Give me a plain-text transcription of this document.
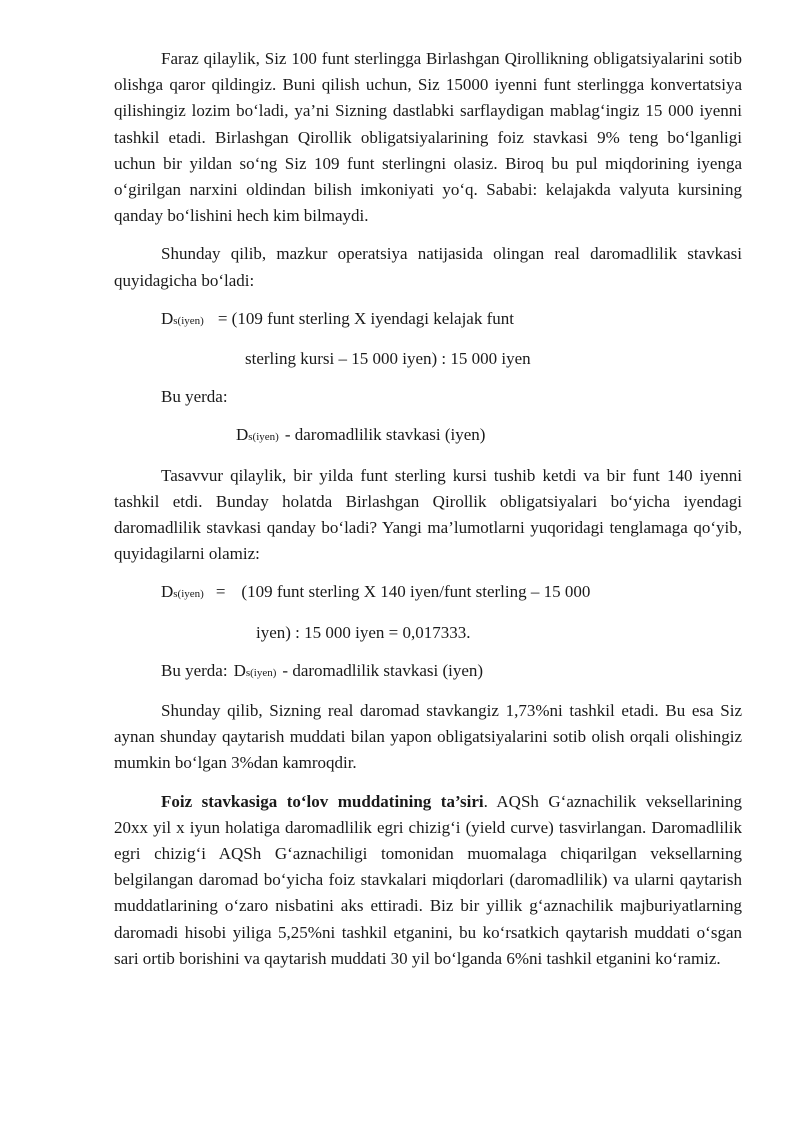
Faraz qilaylik, Siz 100 funt sterlingga Birlashgan Qirollikning obligatsiyalarini sotib olishga qaror qildingiz. Buni qilish uchun, Siz 15000 iyenni funt sterlingga konvertatsiya qilishingiz lozim bo‘ladi, ya’ni Sizning dastlabki sarflaydigan mablag‘ingiz 15 000 iyenni tashkil etadi. Birlashgan Qirollik obligatsiyalarining foiz stavkasi 9% teng bo‘lganligi uchun bir yildan so‘ng Siz 109 funt sterlingni olasiz. Biroq bu pul miqdorining iyenga o‘girilgan narxini oldindan bilish imkoniyati yo‘q. Sababi: kelajakda valyuta kursining qanday bo‘lishini hech kim bilmaydi.

Shunday qilib, mazkur operatsiya natijasida olingan real daromadlilik stavkasi quyidagicha bo‘ladi:

Ds(iyen) = (109 funt sterling X iyendagi kelajak funt
sterling kursi – 15 000 iyen) : 15 000 iyen
Bu yerda:
Ds(iyen) - daromadlilik stavkasi (iyen)

Tasavvur qilaylik, bir yilda funt sterling kursi tushib ketdi va bir funt 140 iyenni tashkil etdi. Bunday holatda Birlashgan Qirollik obligatsiyalari bo‘yicha iyendagi daromadlilik stavkasi qanday bo‘ladi? Yangi ma’lumotlarni yuqoridagi tenglamaga qo‘yib, quyidagilarni olamiz:

Ds(iyen) = (109 funt sterling X 140 iyen/funt sterling – 15 000
iyen) : 15 000 iyen = 0,017333.
Bu yerda: Ds(iyen) - daromadlilik stavkasi (iyen)

Shunday qilib, Sizning real daromad stavkangiz 1,73%ni tashkil etadi. Bu esa Siz aynan shunday qaytarish muddati bilan yapon obligatsiyalarini sotib olish orqali olishingiz mumkin bo‘lgan 3%dan kamroqdir.

Foiz stavkasiga to‘lov muddatining ta’siri. AQSh G‘aznachilik veksellarining 20xx yil x iyun holatiga daromadlilik egri chizig‘i (yield curve) tasvirlangan. Daromadlilik egri chizig‘i AQSh G‘aznachiligi tomonidan muomalaga chiqarilgan veksellarning belgilangan daromad bo‘yicha foiz stavkalari miqdorlari (daromadlilik) va ularni qaytarish muddatlarining o‘zaro nisbatini aks ettiradi. Biz bir yillik g‘aznachilik majburiyatlarning daromadi hisobi yiliga 5,25%ni tashkil etganini, bu ko‘rsatkich qaytarish muddati o‘sgan sari ortib borishini va qaytarish muddati 30 yil bo‘lganda 6%ni tashkil etganini ko‘ramiz.
